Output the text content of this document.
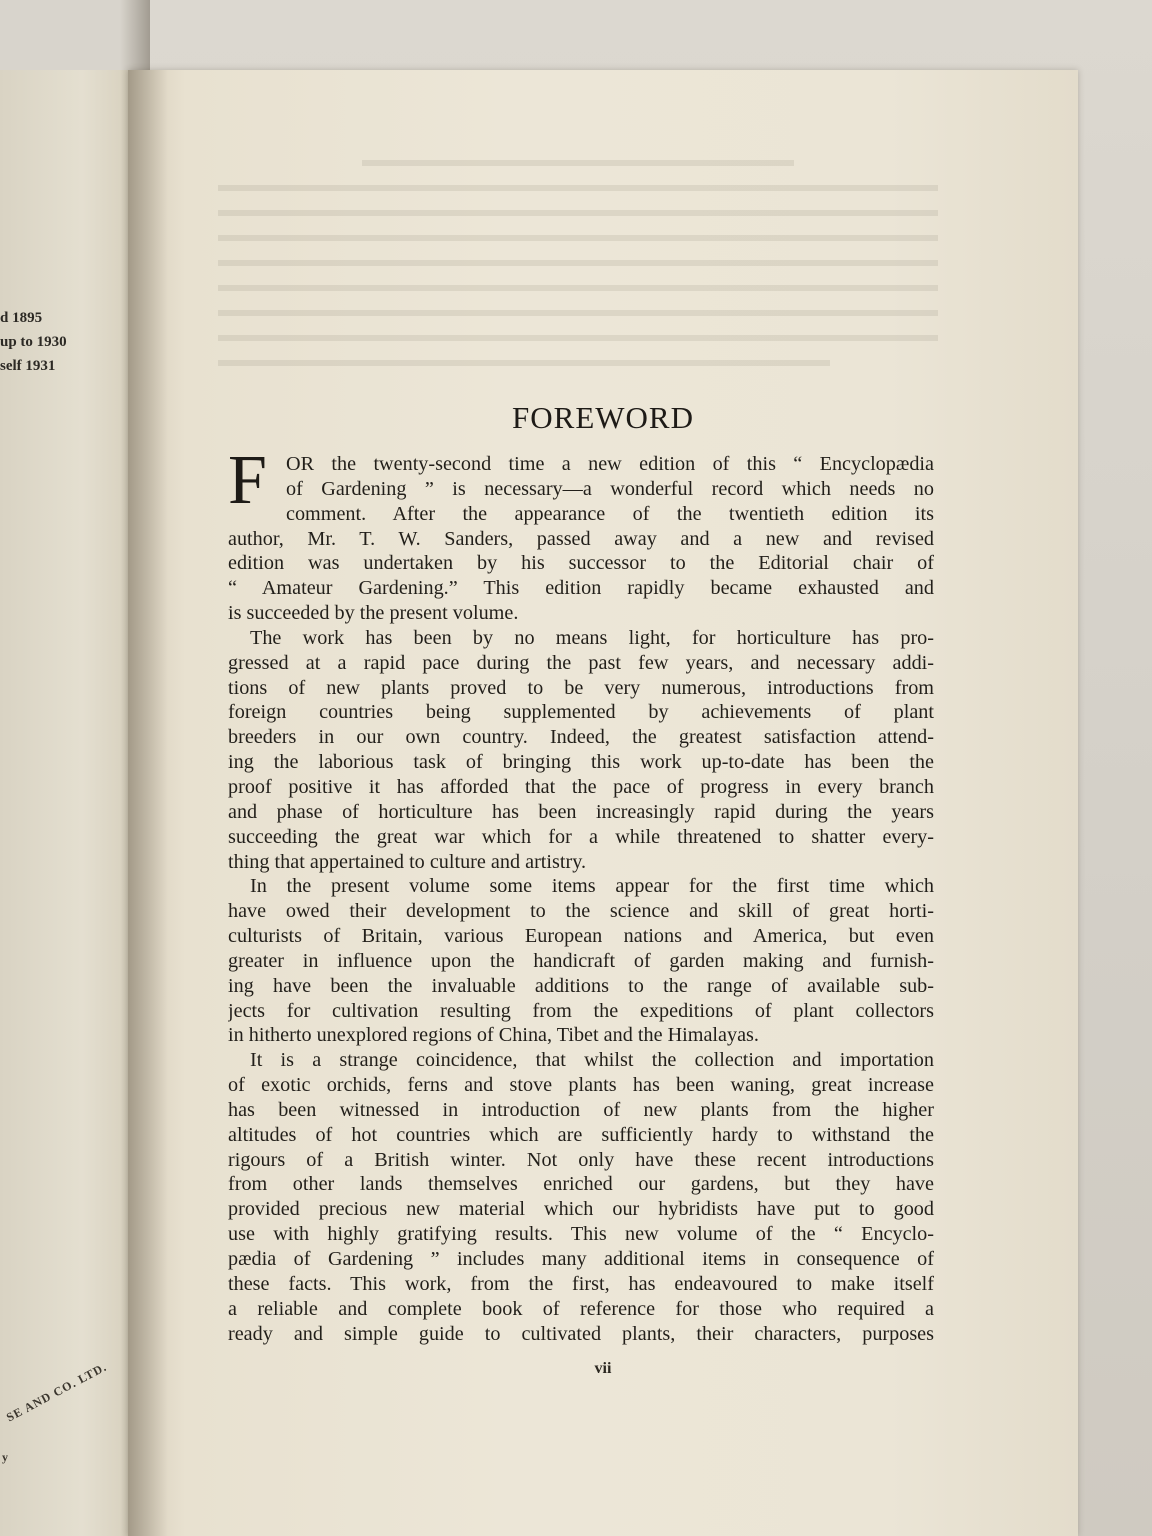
d 1895
up to 1930
self 1931
SE AND CO. LTD.
y
FOREWORD
F OR the twenty-second time a new edition of this “ Encyclopædia
of Gardening ” is necessary—a wonderful record which needs no
comment. After the appearance of the twentieth edition its
author, Mr. T. W. Sanders, passed away and a new and revised
edition was undertaken by his successor to the Editorial chair of
“ Amateur Gardening.” This edition rapidly became exhausted and
is succeeded by the present volume.
The work has been by no means light, for horticulture has pro-
gressed at a rapid pace during the past few years, and necessary addi-
tions of new plants proved to be very numerous, introductions from
foreign countries being supplemented by achievements of plant
breeders in our own country. Indeed, the greatest satisfaction attend-
ing the laborious task of bringing this work up-to-date has been the
proof positive it has afforded that the pace of progress in every branch
and phase of horticulture has been increasingly rapid during the years
succeeding the great war which for a while threatened to shatter every-
thing that appertained to culture and artistry.
In the present volume some items appear for the first time which
have owed their development to the science and skill of great horti-
culturists of Britain, various European nations and America, but even
greater in influence upon the handicraft of garden making and furnish-
ing have been the invaluable additions to the range of available sub-
jects for cultivation resulting from the expeditions of plant collectors
in hitherto unexplored regions of China, Tibet and the Himalayas.
It is a strange coincidence, that whilst the collection and importation
of exotic orchids, ferns and stove plants has been waning, great increase
has been witnessed in introduction of new plants from the higher
altitudes of hot countries which are sufficiently hardy to withstand the
rigours of a British winter. Not only have these recent introductions
from other lands themselves enriched our gardens, but they have
provided precious new material which our hybridists have put to good
use with highly gratifying results. This new volume of the “ Encyclo-
pædia of Gardening ” includes many additional items in consequence of
these facts. This work, from the first, has endeavoured to make itself
a reliable and complete book of reference for those who required a
ready and simple guide to cultivated plants, their characters, purposes
vii
